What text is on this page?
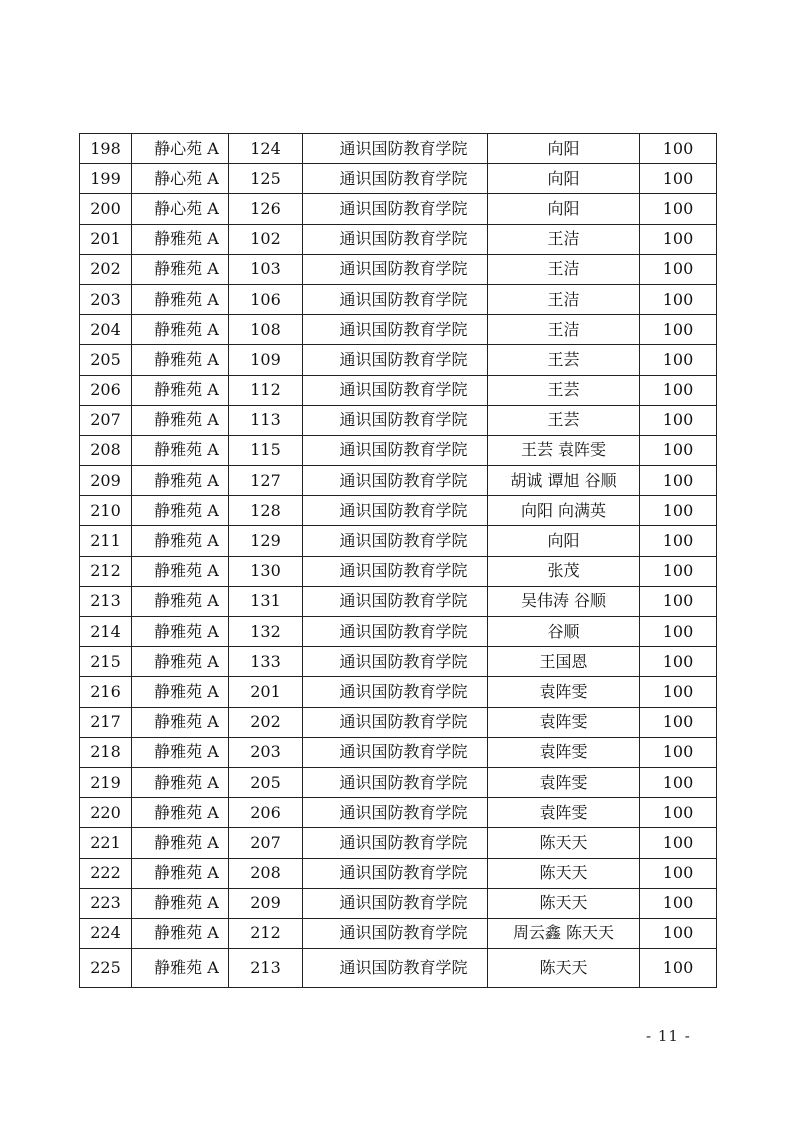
198	静心苑 A	124	通识国防教育学院	向阳	100
199	静心苑 A	125	通识国防教育学院	向阳	100
200	静心苑 A	126	通识国防教育学院	向阳	100
201	静雅苑 A	102	通识国防教育学院	王洁	100
202	静雅苑 A	103	通识国防教育学院	王洁	100
203	静雅苑 A	106	通识国防教育学院	王洁	100
204	静雅苑 A	108	通识国防教育学院	王洁	100
205	静雅苑 A	109	通识国防教育学院	王芸	100
206	静雅苑 A	112	通识国防教育学院	王芸	100
207	静雅苑 A	113	通识国防教育学院	王芸	100
208	静雅苑 A	115	通识国防教育学院	王芸 袁阵雯	100
209	静雅苑 A	127	通识国防教育学院	胡诚 谭旭 谷顺	100
210	静雅苑 A	128	通识国防教育学院	向阳 向满英	100
211	静雅苑 A	129	通识国防教育学院	向阳	100
212	静雅苑 A	130	通识国防教育学院	张茂	100
213	静雅苑 A	131	通识国防教育学院	吴伟涛 谷顺	100
214	静雅苑 A	132	通识国防教育学院	谷顺	100
215	静雅苑 A	133	通识国防教育学院	王国恩	100
216	静雅苑 A	201	通识国防教育学院	袁阵雯	100
217	静雅苑 A	202	通识国防教育学院	袁阵雯	100
218	静雅苑 A	203	通识国防教育学院	袁阵雯	100
219	静雅苑 A	205	通识国防教育学院	袁阵雯	100
220	静雅苑 A	206	通识国防教育学院	袁阵雯	100
221	静雅苑 A	207	通识国防教育学院	陈天天	100
222	静雅苑 A	208	通识国防教育学院	陈天天	100
223	静雅苑 A	209	通识国防教育学院	陈天天	100
224	静雅苑 A	212	通识国防教育学院	周云鑫 陈天天	100
225	静雅苑 A	213	通识国防教育学院	陈天天	100
- 11 -
